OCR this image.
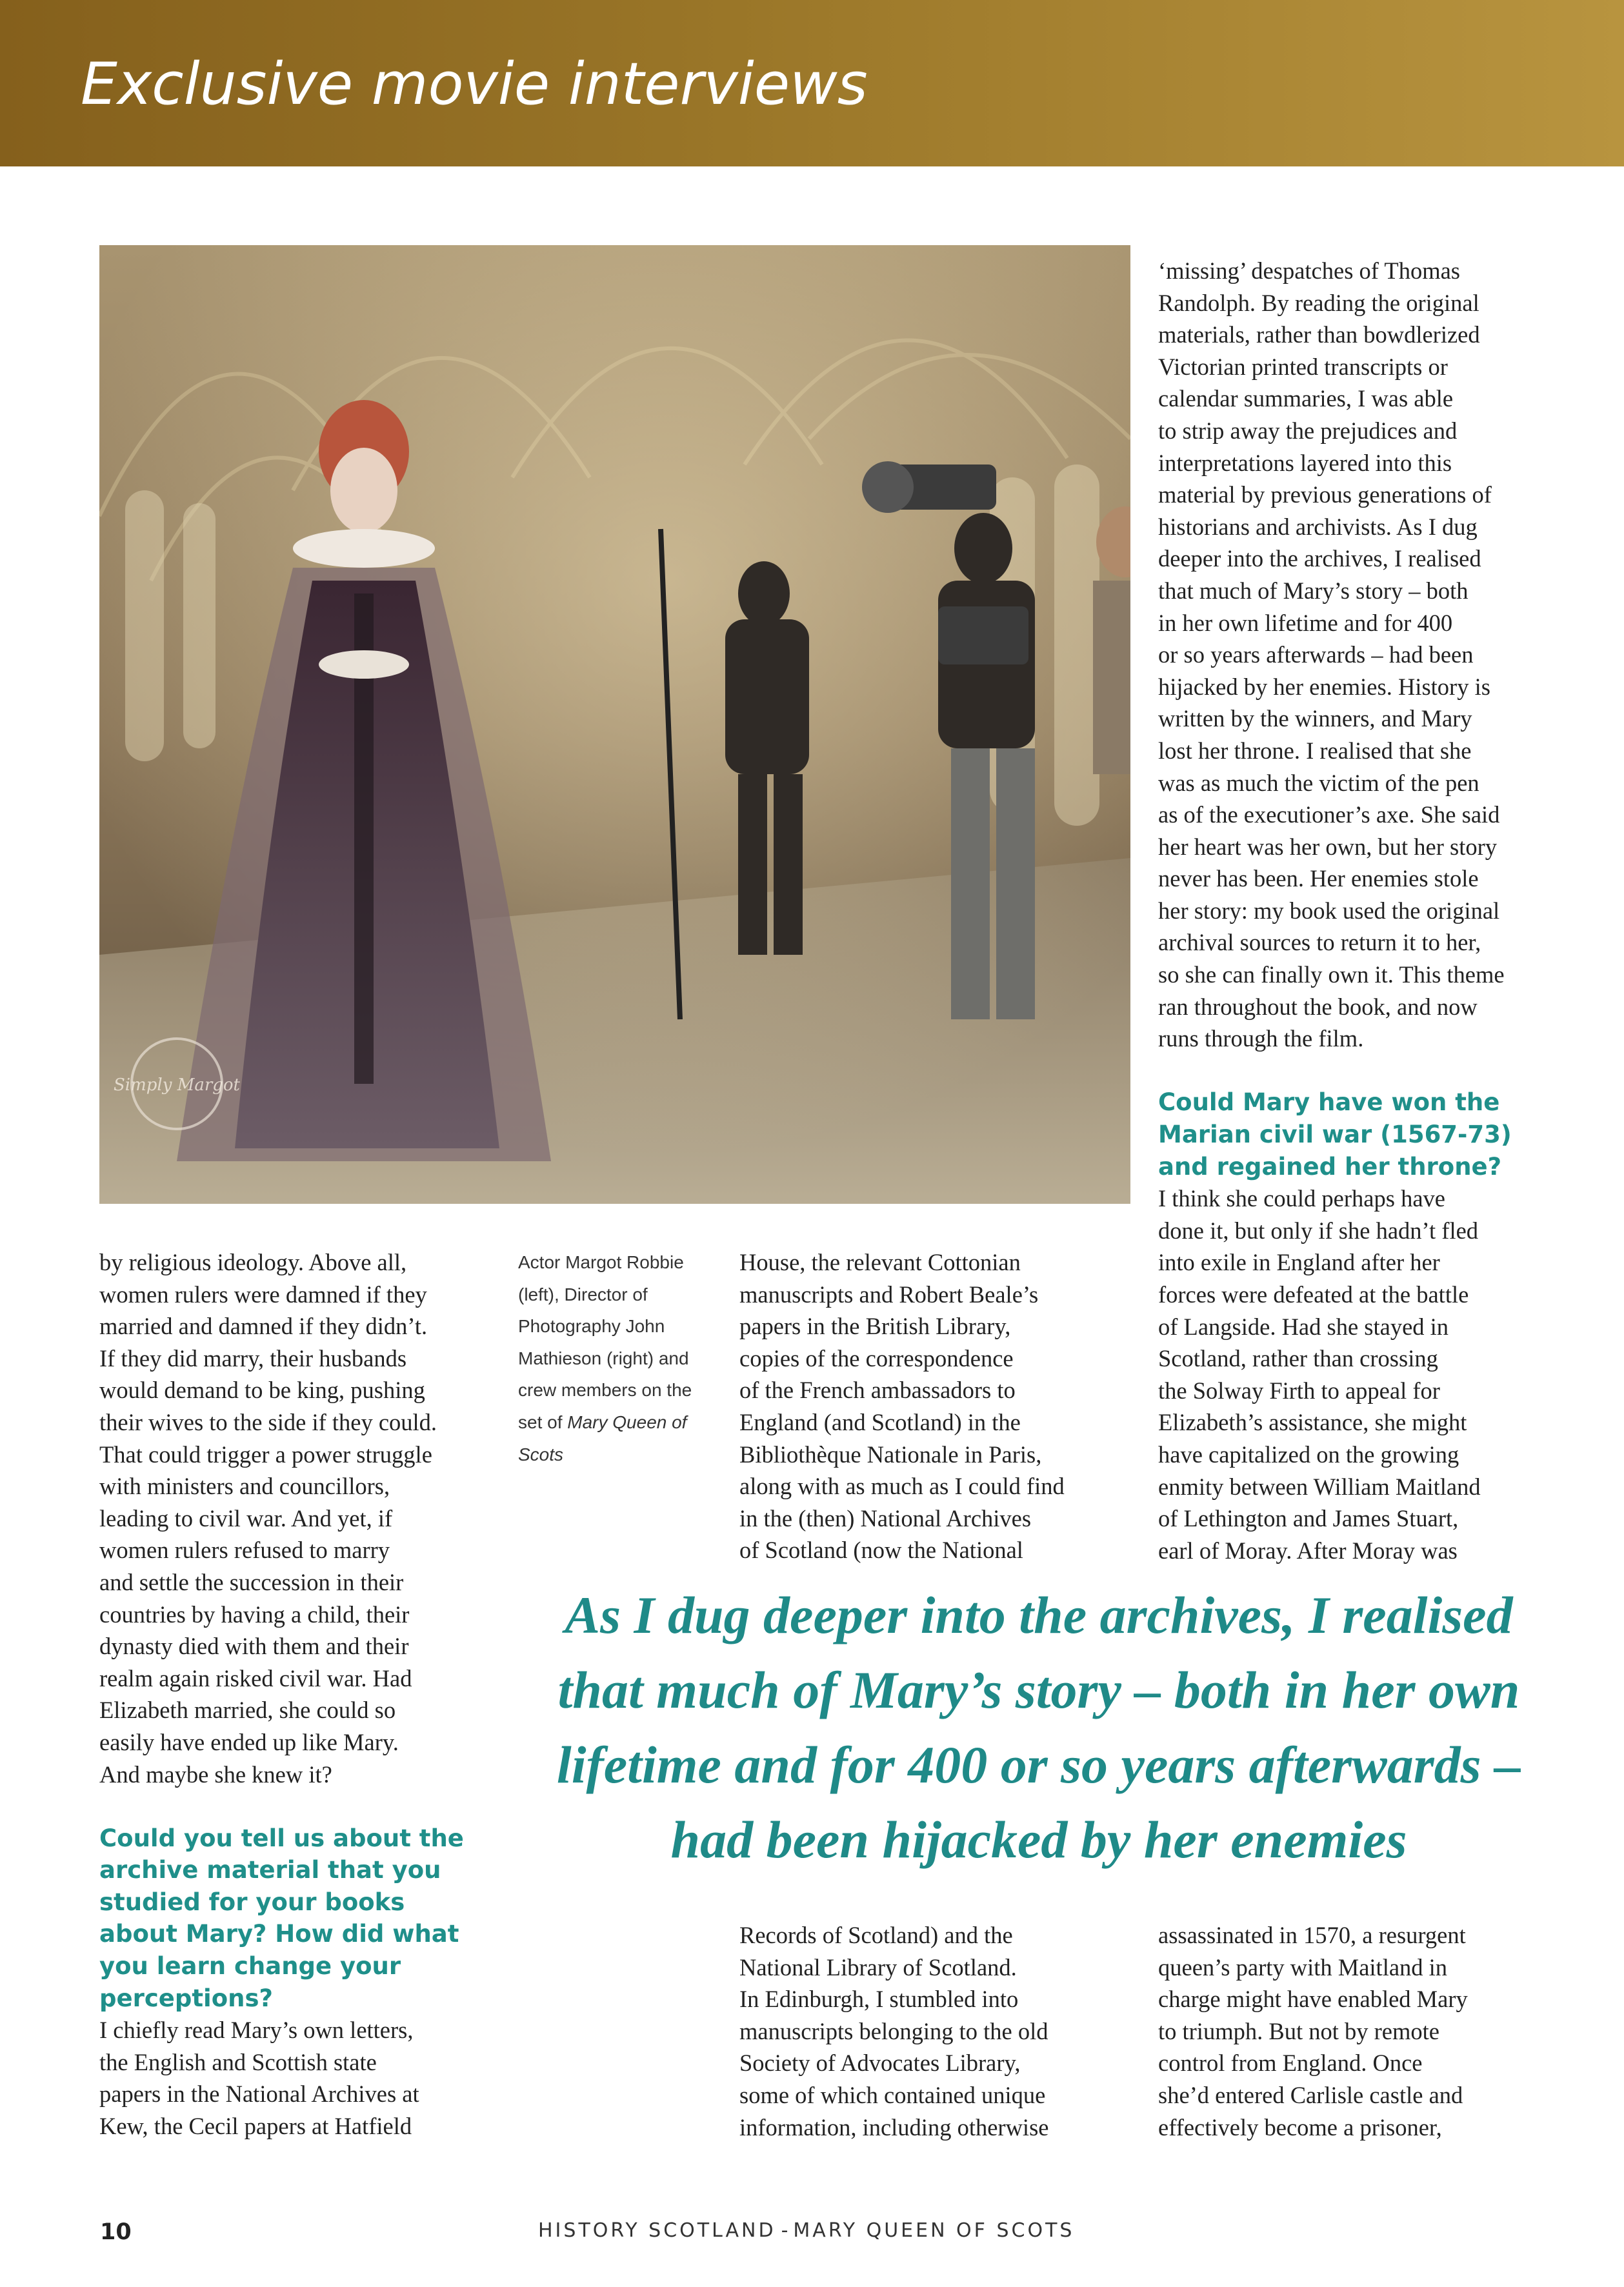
Exclusive movie interviews
Simply Margot
by religious ideology. Above all,
women rulers were damned if they
married and damned if they didn’t.
If they did marry, their husbands
would demand to be king, pushing
their wives to the side if they could.
That could trigger a power struggle
with ministers and councillors,
leading to civil war. And yet, if
women rulers refused to marry
and settle the succession in their
countries by having a child, their
dynasty died with them and their
realm again risked civil war. Had
Elizabeth married, she could so
easily have ended up like Mary.
And maybe she knew it?
Could you tell us about the
archive material that you
studied for your books
about Mary? How did what
you learn change your
perceptions?
I chiefly read Mary’s own letters,
the English and Scottish state
papers in the National Archives at
Kew, the Cecil papers at Hatfield
Actor Margot Robbie (left), Director of Photography John Mathieson (right) and crew members on the set of Mary Queen of Scots
House, the relevant Cottonian
manuscripts and Robert Beale’s
papers in the British Library,
copies of the correspondence
of the French ambassadors to
England (and Scotland) in the
Bibliothèque Nationale in Paris,
along with as much as I could find
in the (then) National Archives
of Scotland (now the National
Records of Scotland) and the
National Library of Scotland.
In Edinburgh, I stumbled into
manuscripts belonging to the old
Society of Advocates Library,
some of which contained unique
information, including otherwise
‘missing’ despatches of Thomas
Randolph. By reading the original
materials, rather than bowdlerized
Victorian printed transcripts or
calendar summaries, I was able
to strip away the prejudices and
interpretations layered into this
material by previous generations of
historians and archivists. As I dug
deeper into the archives, I realised
that much of Mary’s story – both
in her own lifetime and for 400
or so years afterwards – had been
hijacked by her enemies. History is
written by the winners, and Mary
lost her throne. I realised that she
was as much the victim of the pen
as of the executioner’s axe. She said
her heart was her own, but her story
never has been. Her enemies stole
her story: my book used the original
archival sources to return it to her,
so she can finally own it. This theme
ran throughout the book, and now
runs through the film.
Could Mary have won the
Marian civil war (1567-73)
and regained her throne?
I think she could perhaps have
done it, but only if she hadn’t fled
into exile in England after her
forces were defeated at the battle
of Langside. Had she stayed in
Scotland, rather than crossing
the Solway Firth to appeal for
Elizabeth’s assistance, she might
have capitalized on the growing
enmity between William Maitland
of Lethington and James Stuart,
earl of Moray. After Moray was
assassinated in 1570, a resurgent
queen’s party with Maitland in
charge might have enabled Mary
to triumph. But not by remote
control from England. Once
she’d entered Carlisle castle and
effectively become a prisoner,
As I dug deeper into the archives, I realised
that much of Mary’s story – both in her own
lifetime and for 400 or so years afterwards –
had been hijacked by her enemies
10	HISTORY SCOTLAND - MARY QUEEN OF SCOTS
